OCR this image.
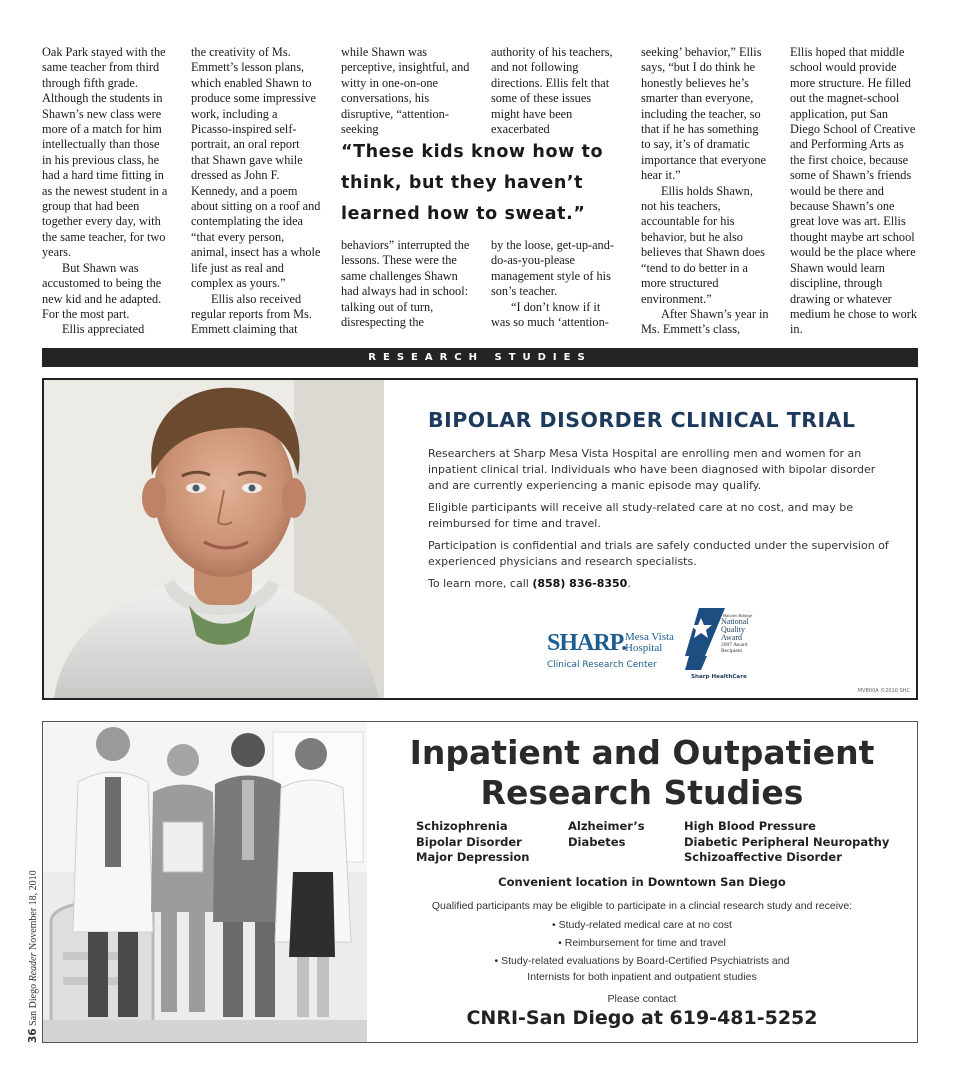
Oak Park stayed with the same teacher from third through fifth grade. Although the students in Shawn’s new class were more of a match for him intellectually than those in his previous class, he had a hard time fitting in as the newest student in a group that had been together every day, with the same teacher, for two years.

But Shawn was accustomed to being the new kid and he adapted. For the most part.

Ellis appreciated

the creativity of Ms. Emmett’s lesson plans, which enabled Shawn to produce some impressive work, including a Picasso-inspired self-portrait, an oral report that Shawn gave while dressed as John F. Kennedy, and a poem about sitting on a roof and contemplating the idea “that every person, animal, insect has a whole life just as real and complex as yours.”

Ellis also received regular reports from Ms. Emmett claiming that

while Shawn was perceptive, insightful, and witty in one-on-one conversations, his disruptive, “attention-seeking

authority of his teachers, and not following directions. Ellis felt that some of these issues might have been exacerbated

“These kids know how to think, but they haven’t learned how to sweat.”

behaviors” interrupted the lessons. These were the same challenges Shawn had always had in school: talking out of turn, disrespecting the

by the loose, get-up-and-do-as-you-please management style of his son’s teacher.

“I don’t know if it was so much ‘attention-

seeking’ behavior,” Ellis says, “but I do think he honestly believes he’s smarter than everyone, including the teacher, so that if he has something to say, it’s of dramatic importance that everyone hear it.”

Ellis holds Shawn, not his teachers, accountable for his behavior, but he also believes that Shawn does “tend to do better in a more structured environment.”

After Shawn’s year in Ms. Emmett’s class,

Ellis hoped that middle school would provide more structure. He filled out the magnet-school application, put San Diego School of Creative and Performing Arts as the first choice, because some of Shawn’s friends would be there and because Shawn’s one great love was art. Ellis thought maybe art school would be the place where Shawn would learn discipline, through drawing or whatever medium he chose to work in.

RESEARCH STUDIES
BIPOLAR DISORDER CLINICAL TRIAL

Researchers at Sharp Mesa Vista Hospital are enrolling men and women for an inpatient clinical trial. Individuals who have been diagnosed with bipolar disorder and are currently experiencing a manic episode may qualify.

Eligible participants will receive all study-related care at no cost, and may be reimbursed for time and travel.

Participation is confidential and trials are safely conducted under the supervision of experienced physicians and research specialists.

To learn more, call (858) 836-8350.

SHARP.
Mesa Vista Hospital
Clinical Research Center
Malcolm Baldrige
National Quality Award
2007 Award Recipient
Sharp HealthCare
MVB00A ©2010 SHC
Inpatient and Outpatient
Research Studies
Schizophrenia
Bipolar Disorder
Major Depression
Alzheimer’s
Diabetes
High Blood Pressure
Diabetic Peripheral Neuropathy
Schizoaffective Disorder
Convenient location in Downtown San Diego
Qualified participants may be eligible to participate in a clincial research study and receive:
• Study-related medical care at no cost
• Reimbursement for time and travel
• Study-related evaluations by Board-Certified Psychiatrists and
Internists for both inpatient and outpatient studies
Please contact
CNRI-San Diego at 619-481-5252
36 San Diego Reader November 18, 2010
